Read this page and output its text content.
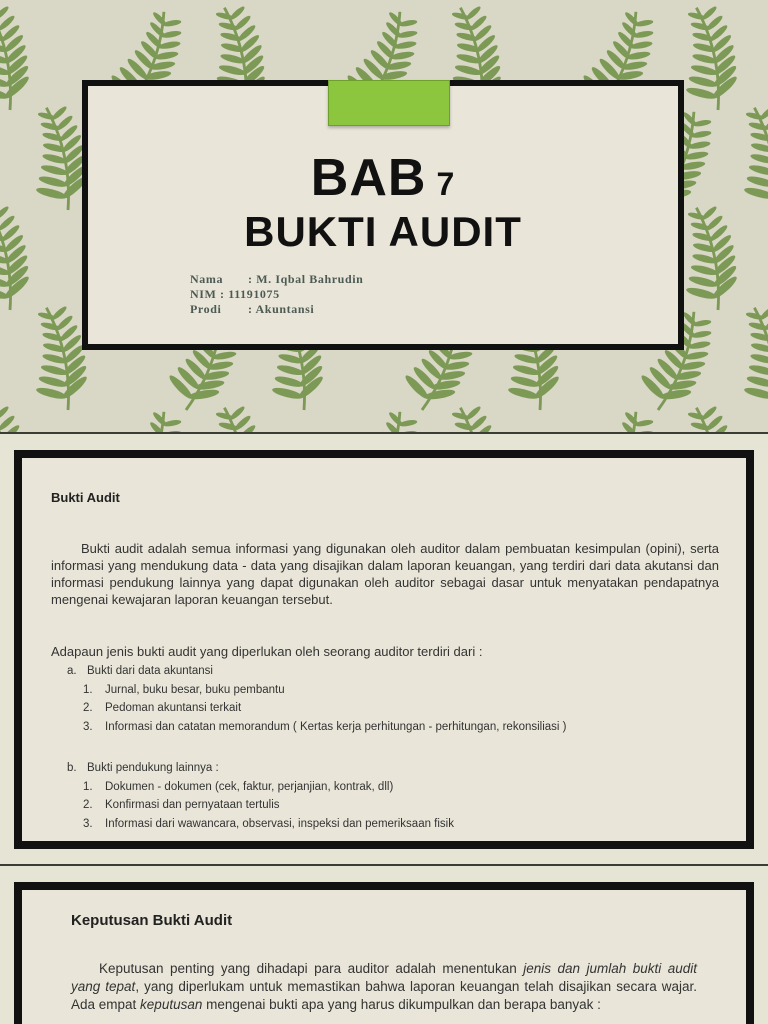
BAB 7
BUKTI AUDIT
Nama	: M. Iqbal Bahrudin
NIM : 11191075
Prodi	: Akuntansi
Bukti Audit
Bukti audit adalah semua informasi yang digunakan oleh auditor dalam pembuatan kesimpulan (opini), serta informasi yang mendukung data - data yang disajikan dalam laporan keuangan, yang terdiri dari data akutansi dan informasi pendukung lainnya yang dapat digunakan oleh auditor sebagai dasar untuk menyatakan pendapatnya mengenai kewajaran laporan keuangan tersebut.
Adapaun jenis bukti audit yang diperlukan oleh seorang auditor terdiri dari :
a. Bukti dari data akuntansi
1. Jurnal, buku besar, buku pembantu
2. Pedoman akuntansi terkait
3. Informasi dan catatan memorandum ( Kertas kerja perhitungan - perhitungan, rekonsiliasi )
b. Bukti pendukung lainnya :
1. Dokumen - dokumen (cek, faktur, perjanjian, kontrak, dll)
2. Konfirmasi dan pernyataan tertulis
3. Informasi dari wawancara, observasi, inspeksi dan pemeriksaan fisik
Keputusan Bukti Audit
Keputusan penting yang dihadapi para auditor adalah menentukan jenis dan jumlah bukti audit yang tepat, yang diperlukam untuk memastikan bahwa laporan keuangan telah disajikan secara wajar. Ada empat keputusan mengenai bukti apa yang harus dikumpulkan dan berapa banyak :
